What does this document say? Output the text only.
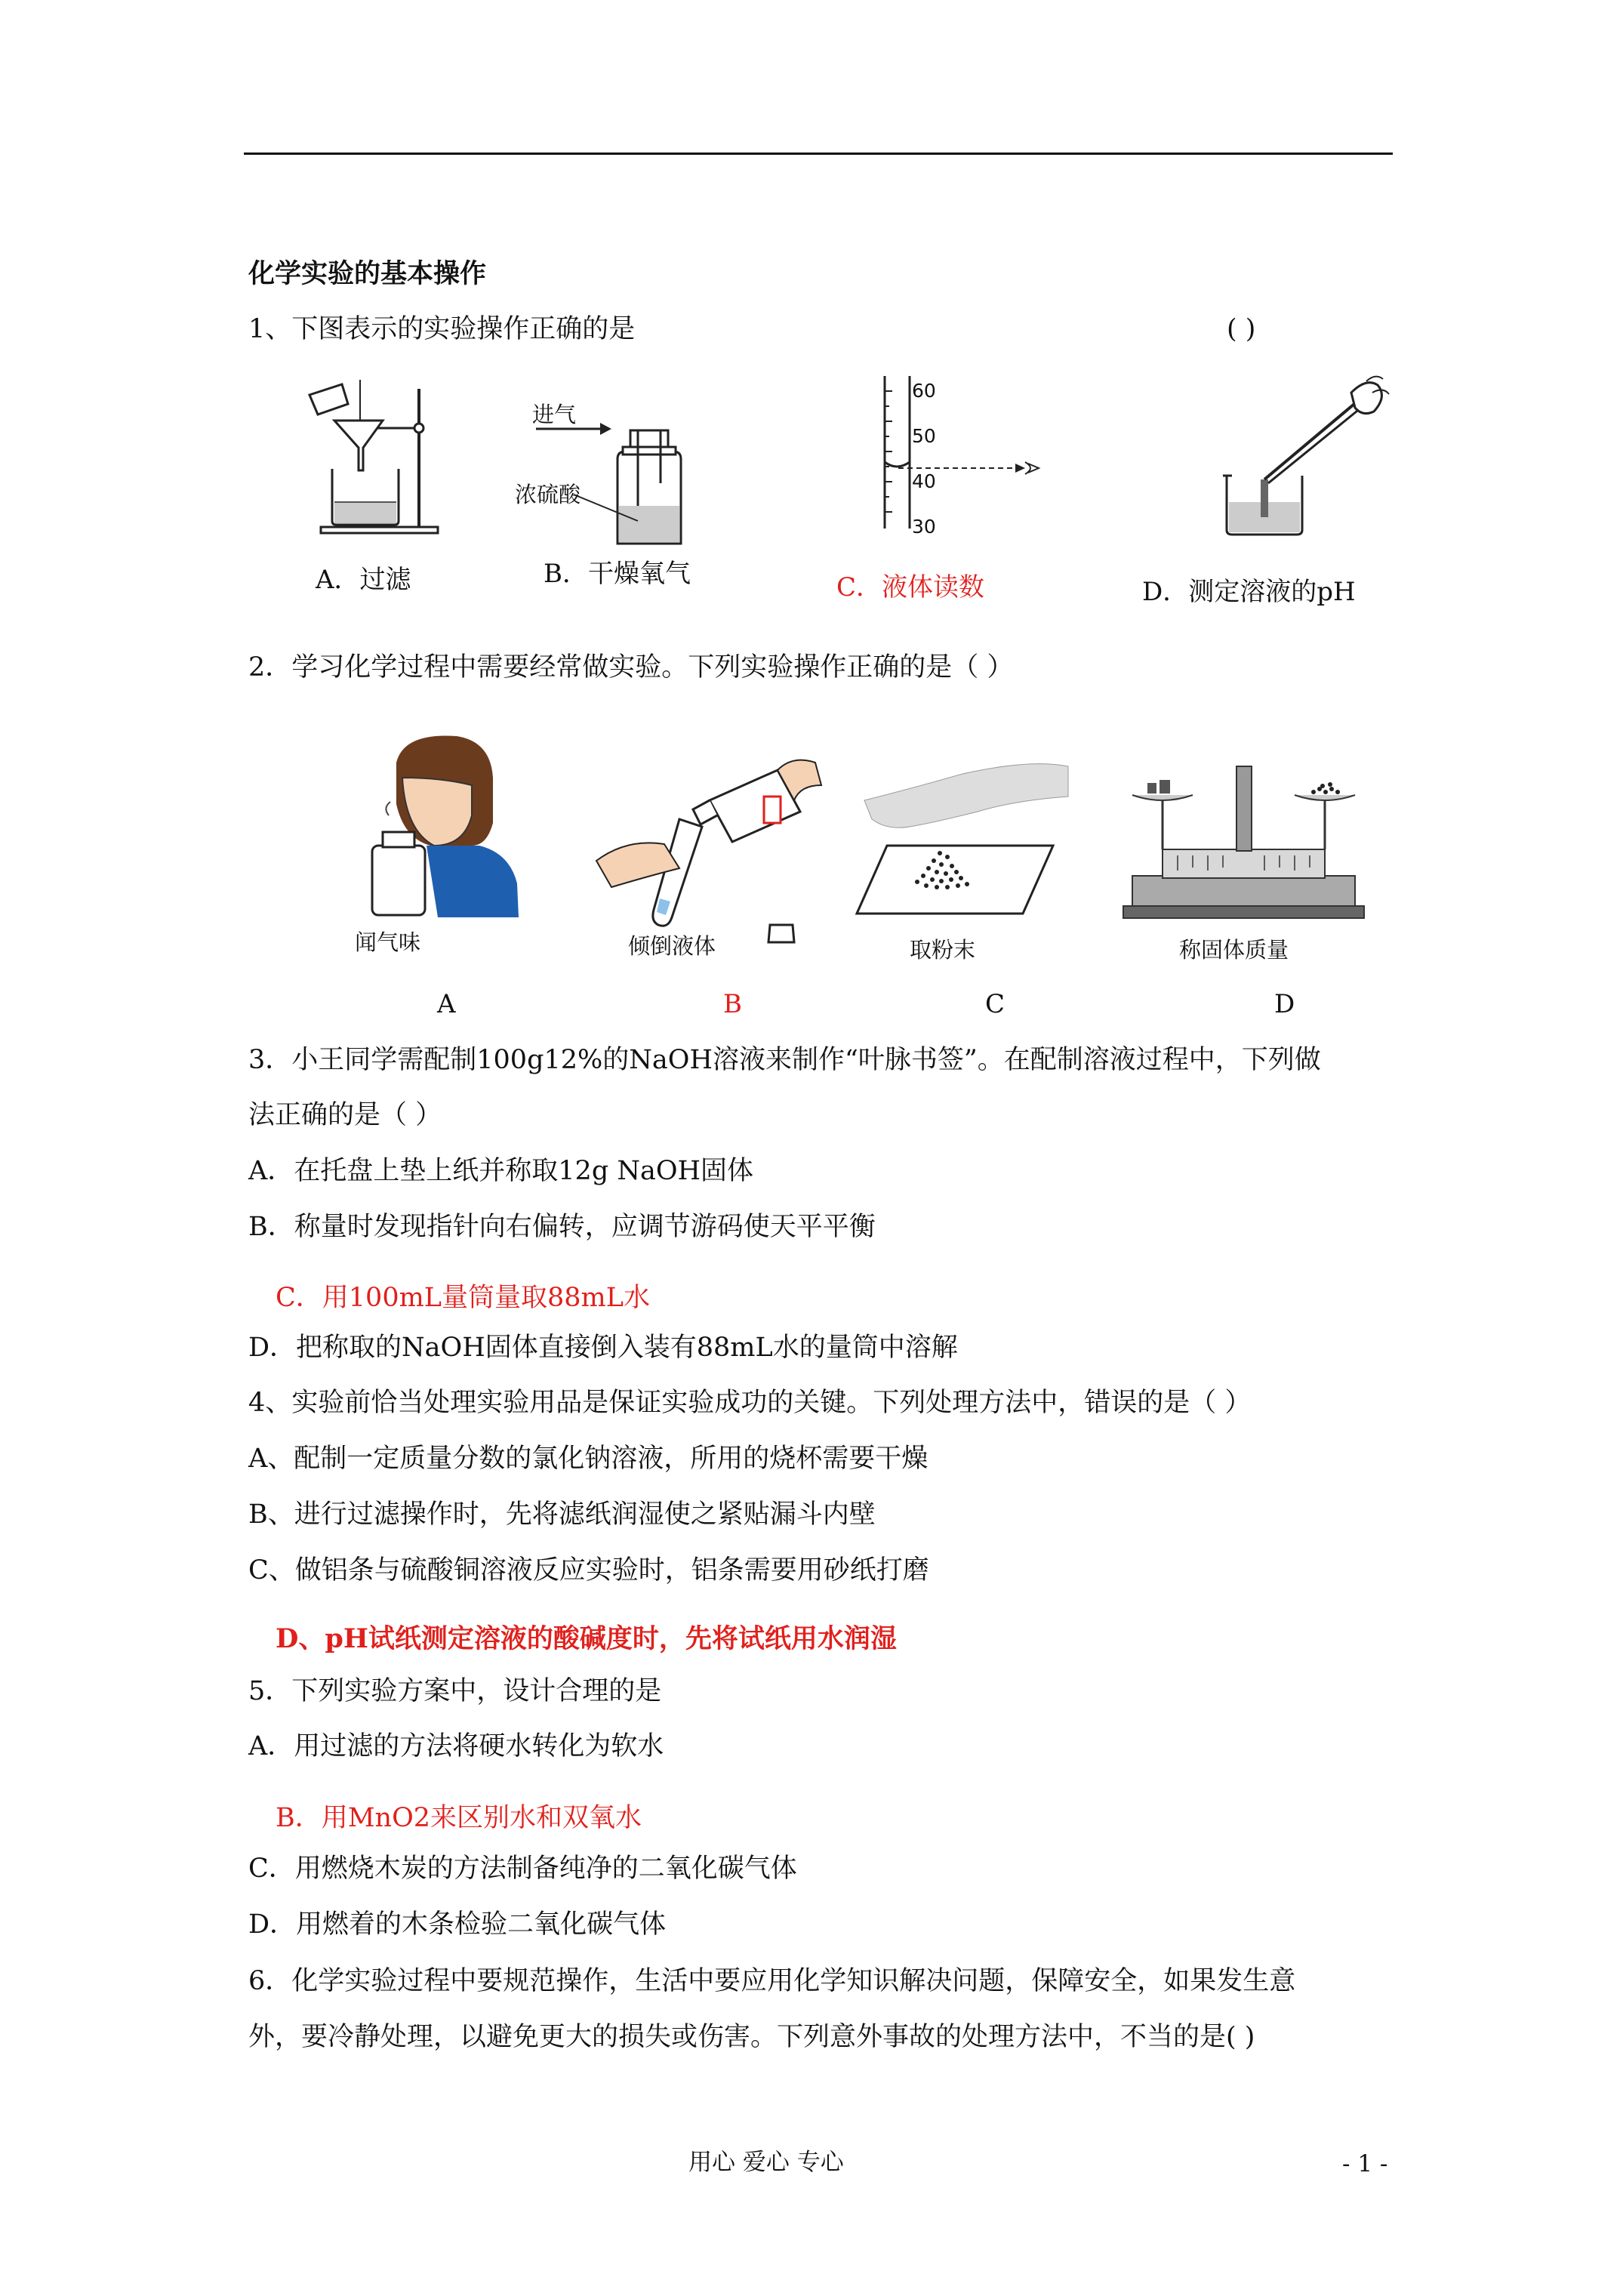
化学实验的基本操作
1、下图表示的实验操作正确的是	( )
进气
浓硫酸
60
50
40
30
A．过滤	B．干燥氧气	C．液体读数	D．测定溶液的pH
2．学习化学过程中需要经常做实验。下列实验操作正确的是（ ）
闻气味	倾倒液体	取粉末	称固体质量
A	B	C	D
3．小王同学需配制100g12%的NaOH溶液来制作“叶脉书签”。在配制溶液过程中，下列做
法正确的是（ ）
A．在托盘上垫上纸并称取12g NaOH固体
B．称量时发现指针向右偏转，应调节游码使天平平衡
C．用100mL量筒量取88mL水
D．把称取的NaOH固体直接倒入装有88mL水的量筒中溶解
4、实验前恰当处理实验用品是保证实验成功的关键。下列处理方法中，错误的是（ ）
A、配制一定质量分数的氯化钠溶液，所用的烧杯需要干燥
B、进行过滤操作时，先将滤纸润湿使之紧贴漏斗内壁
C、做铝条与硫酸铜溶液反应实验时，铝条需要用砂纸打磨
D、pH试纸测定溶液的酸碱度时，先将试纸用水润湿
5．下列实验方案中，设计合理的是
A．用过滤的方法将硬水转化为软水
B．用MnO2来区别水和双氧水
C．用燃烧木炭的方法制备纯净的二氧化碳气体
D．用燃着的木条检验二氧化碳气体
6．化学实验过程中要规范操作，生活中要应用化学知识解决问题，保障安全，如果发生意
外，要冷静处理，以避免更大的损失或伤害。下列意外事故的处理方法中，不当的是( )
用心 爱心 专心	- 1 -
